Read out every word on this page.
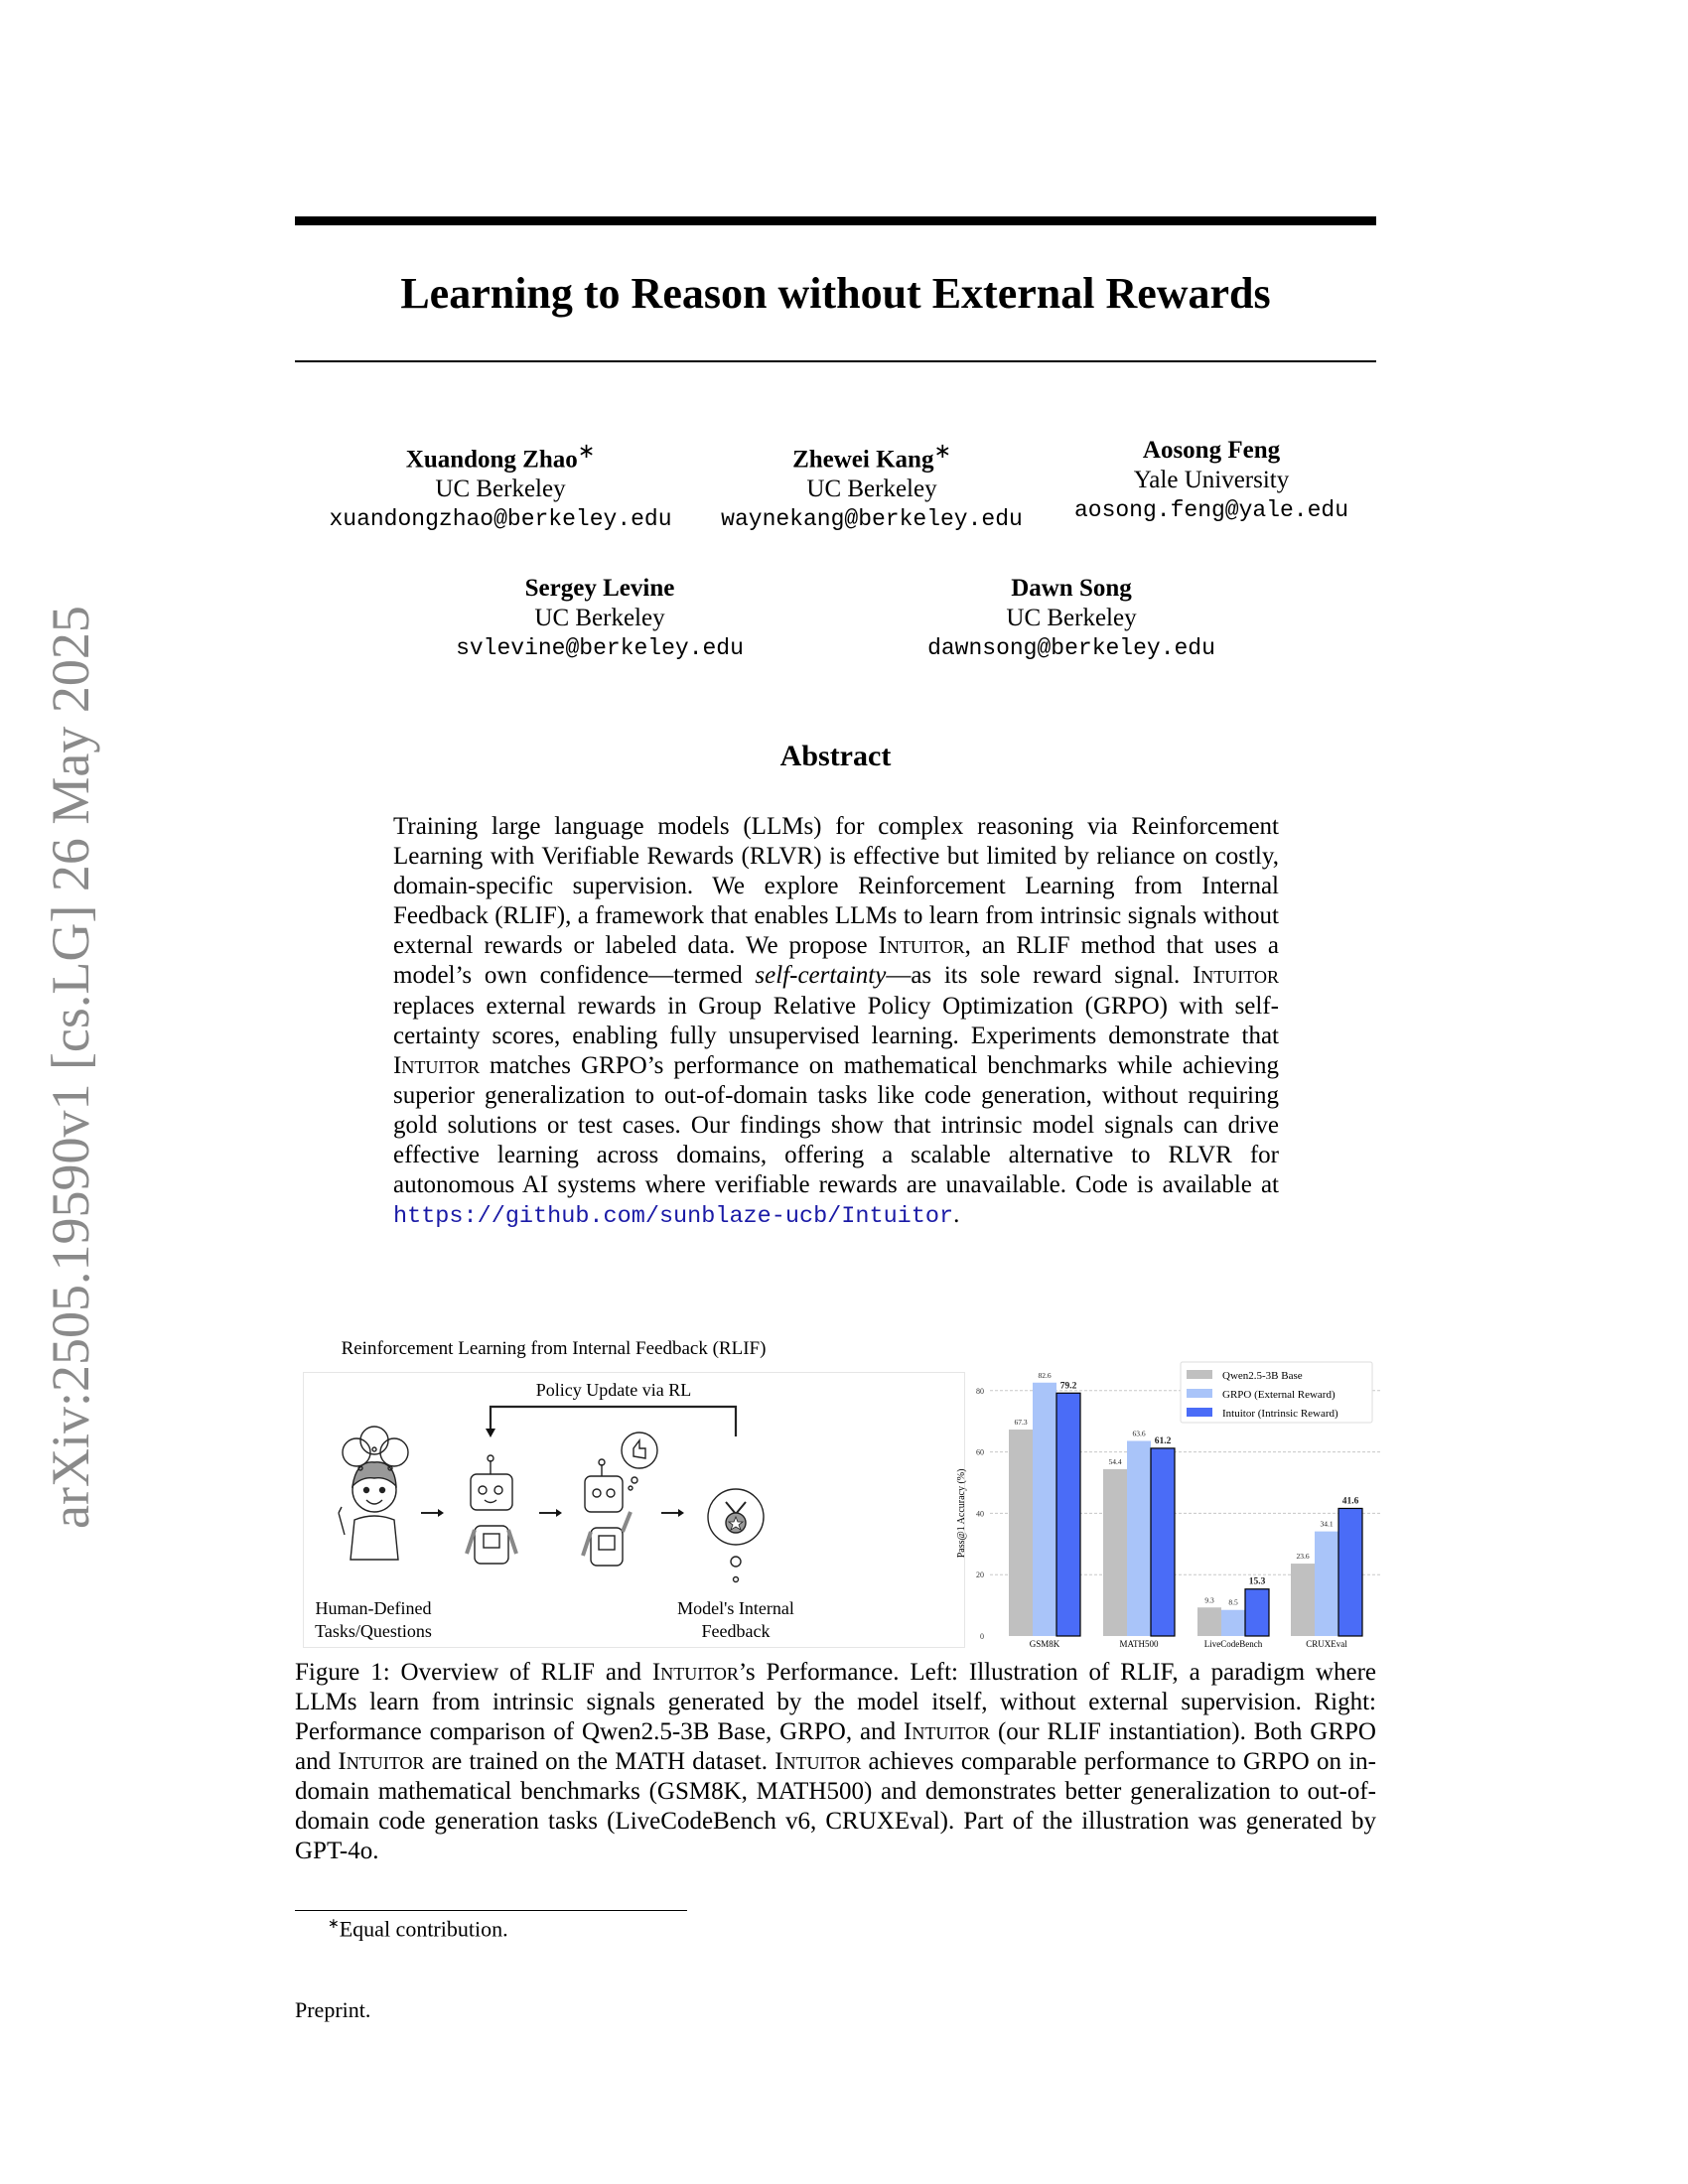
Learning to Reason without External Rewards
arXiv:2505.19590v1 [cs.LG] 26 May 2025
Xuandong Zhao∗
UC Berkeley
xuandongzhao@berkeley.edu
Zhewei Kang∗
UC Berkeley
waynekang@berkeley.edu
Aosong Feng
Yale University
aosong.feng@yale.edu
Sergey Levine
UC Berkeley
svlevine@berkeley.edu
Dawn Song
UC Berkeley
dawnsong@berkeley.edu
Abstract
Training large language models (LLMs) for complex reasoning via Reinforcement Learning with Verifiable Rewards (RLVR) is effective but limited by reliance on costly, domain-specific supervision. We explore Reinforcement Learning from Internal Feedback (RLIF), a framework that enables LLMs to learn from intrinsic signals without external rewards or labeled data. We propose Intuitor, an RLIF method that uses a model’s own confidence—termed self-certainty—as its sole reward signal. Intuitor replaces external rewards in Group Relative Policy Optimization (GRPO) with self-certainty scores, enabling fully unsupervised learning. Experiments demonstrate that Intuitor matches GRPO’s performance on mathematical benchmarks while achieving superior generalization to out-of-domain tasks like code generation, without requiring gold solutions or test cases. Our findings show that intrinsic model signals can drive effective learning across domains, offering a scalable alternative to RLVR for autonomous AI systems where verifiable rewards are unavailable. Code is available at https://github.com/sunblaze-ucb/Intuitor.
Reinforcement Learning from Internal Feedback (RLIF)
Policy Update via RL
Human-Defined
Tasks/Questions
Model's Internal
Feedback	0
20
40
60
80
Pass@1 Accuracy (%)
67.3
82.6
79.2
GSM8K
54.4
63.6
61.2
MATH500
9.3 8.5
15.3
LiveCodeBench
23.6
34.1
41.6
CRUXEval
Qwen2.5-3B Base
GRPO (External Reward)
Intuitor (Intrinsic Reward)
Figure 1: Overview of RLIF and Intuitor’s Performance. Left: Illustration of RLIF, a paradigm where LLMs learn from intrinsic signals generated by the model itself, without external supervision. Right: Performance comparison of Qwen2.5-3B Base, GRPO, and Intuitor (our RLIF instantiation). Both GRPO and Intuitor are trained on the MATH dataset. Intuitor achieves comparable performance to GRPO on in-domain mathematical benchmarks (GSM8K, MATH500) and demonstrates better generalization to out-of-domain code generation tasks (LiveCodeBench v6, CRUXEval). Part of the illustration was generated by GPT-4o.
∗Equal contribution.
Preprint.
